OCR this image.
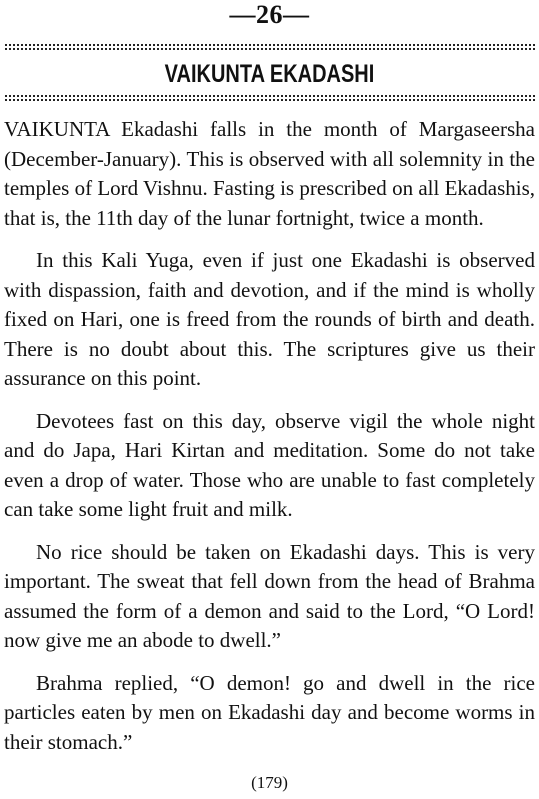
—26—
VAIKUNTA EKADASHI

VAIKUNTA Ekadashi falls in the month of Margaseersha (December-January). This is observed with all solemnity in the temples of Lord Vishnu. Fasting is prescribed on all Ekadashis, that is, the 11th day of the lunar fortnight, twice a month.

In this Kali Yuga, even if just one Ekadashi is observed with dispassion, faith and devotion, and if the mind is wholly fixed on Hari, one is freed from the rounds of birth and death. There is no doubt about this. The scriptures give us their assurance on this point.

Devotees fast on this day, observe vigil the whole night and do Japa, Hari Kirtan and meditation. Some do not take even a drop of water. Those who are unable to fast completely can take some light fruit and milk.

No rice should be taken on Ekadashi days. This is very important. The sweat that fell down from the head of Brahma assumed the form of a demon and said to the Lord, “O Lord! now give me an abode to dwell.”

Brahma replied, “O demon! go and dwell in the rice particles eaten by men on Ekadashi day and become worms in their stomach.”

(179)
